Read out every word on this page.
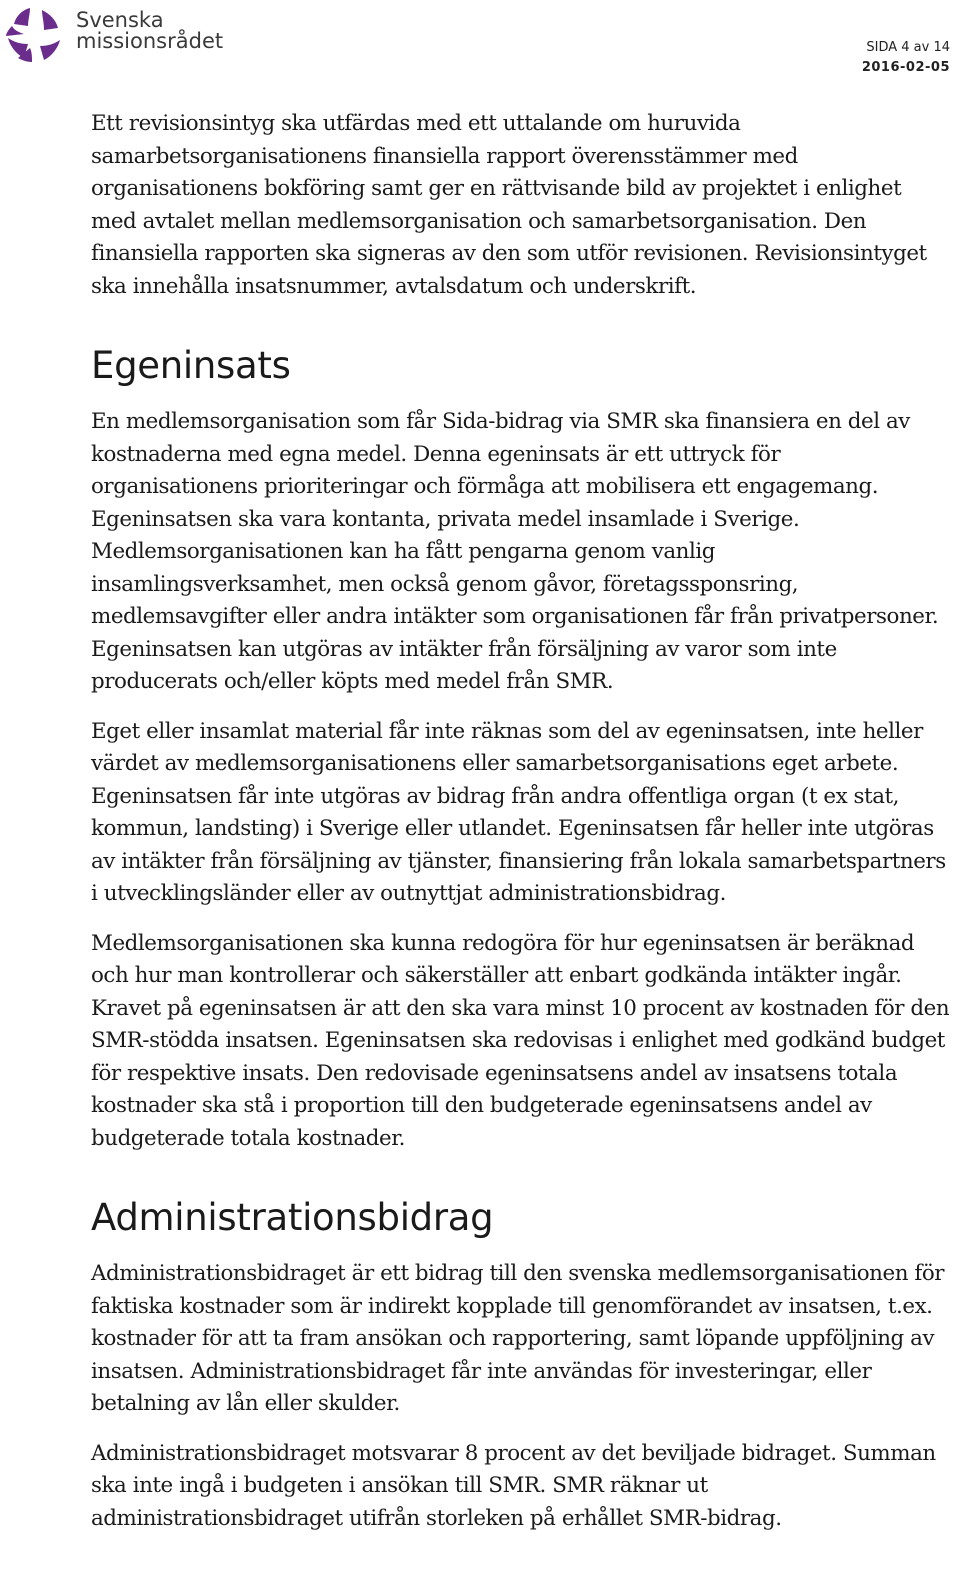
Svenska
missionsrådet	SIDA 4 av 14
2016-02-05

Ett revisionsintyg ska utfärdas med ett uttalande om huruvida
samarbetsorganisationens finansiella rapport överensstämmer med
organisationens bokföring samt ger en rättvisande bild av projektet i enlighet
med avtalet mellan medlemsorganisation och samarbetsorganisation. Den
finansiella rapporten ska signeras av den som utför revisionen. Revisionsintyget
ska innehålla insatsnummer, avtalsdatum och underskrift.

Egeninsats

En medlemsorganisation som får Sida-bidrag via SMR ska finansiera en del av
kostnaderna med egna medel. Denna egeninsats är ett uttryck för
organisationens prioriteringar och förmåga att mobilisera ett engagemang.
Egeninsatsen ska vara kontanta, privata medel insamlade i Sverige.
Medlemsorganisationen kan ha fått pengarna genom vanlig
insamlingsverksamhet, men också genom gåvor, företagssponsring,
medlemsavgifter eller andra intäkter som organisationen får från privatpersoner.
Egeninsatsen kan utgöras av intäkter från försäljning av varor som inte
producerats och/eller köpts med medel från SMR.

Eget eller insamlat material får inte räknas som del av egeninsatsen, inte heller
värdet av medlemsorganisationens eller samarbetsorganisations eget arbete.
Egeninsatsen får inte utgöras av bidrag från andra offentliga organ (t ex stat,
kommun, landsting) i Sverige eller utlandet. Egeninsatsen får heller inte utgöras
av intäkter från försäljning av tjänster, finansiering från lokala samarbetspartners
i utvecklingsländer eller av outnyttjat administrationsbidrag.

Medlemsorganisationen ska kunna redogöra för hur egeninsatsen är beräknad
och hur man kontrollerar och säkerställer att enbart godkända intäkter ingår.
Kravet på egeninsatsen är att den ska vara minst 10 procent av kostnaden för den
SMR-stödda insatsen. Egeninsatsen ska redovisas i enlighet med godkänd budget
för respektive insats. Den redovisade egeninsatsens andel av insatsens totala
kostnader ska stå i proportion till den budgeterade egeninsatsens andel av
budgeterade totala kostnader.

Administrationsbidrag

Administrationsbidraget är ett bidrag till den svenska medlemsorganisationen för
faktiska kostnader som är indirekt kopplade till genomförandet av insatsen, t.ex.
kostnader för att ta fram ansökan och rapportering, samt löpande uppföljning av
insatsen. Administrationsbidraget får inte användas för investeringar, eller
betalning av lån eller skulder.

Administrationsbidraget motsvarar 8 procent av det beviljade bidraget. Summan
ska inte ingå i budgeten i ansökan till SMR. SMR räknar ut
administrationsbidraget utifrån storleken på erhållet SMR-bidrag.
